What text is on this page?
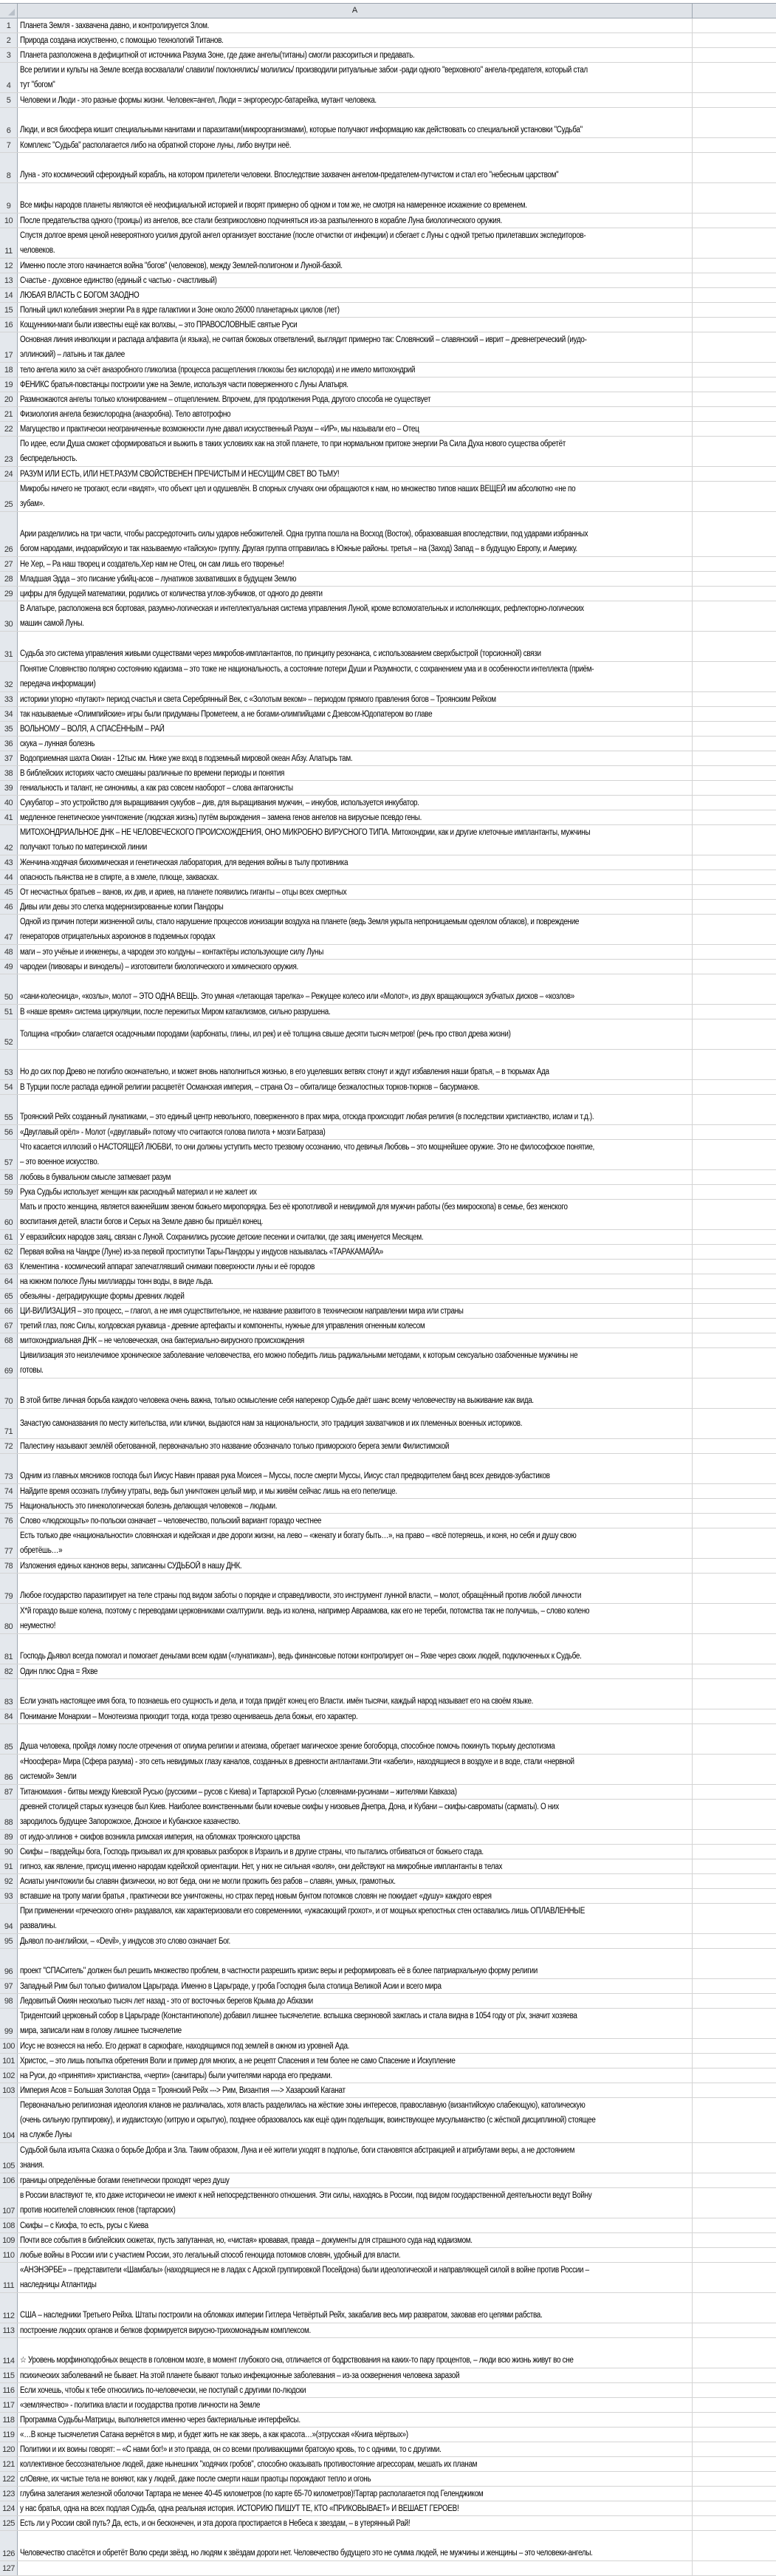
A
1	Планета Земля - захвачена давно, и контролируется Злом.
2	Природа создана искуственно, с помощью технологий Титанов.
3	Планета разположена в дефицитной от источника Разума Зоне, где даже ангелы(титаны) смогли разсориться и предавать.
4
Все религии и культы на Земле всегда восхвалали/ славили/ поклонялись/ молились/ производили ритуальные забои -ради одного "верховного" ангела-предателя, который стал тут "богом"
5	Человеки и Люди - это разные формы жизни. Человек=ангел, Люди = энргоресурс-батарейка, мутант человека.
6	Люди, и вся биосфера кишит специальными нанитами и паразитами(микроорганизмами), которые получают информацию как действовать со специальной установки "Судьба"
7	Комплекс "Судьба" располагается либо на обратной стороне луны, либо внутри неё.
8	Луна - это космический сфероидный корабль, на котором прилетели человеки. Впоследствие захвачен ангелом-предателем-путчистом и стал его "небесным царством"
9	Все мифы народов планеты являются её неофициальной историей и гворят примерно об одном и том же, не смотря на намеренное искажение со временем.
10 После предательства одного (троицы) из ангелов, все стали безприкословно подчиняться из-за разпыленного в корабле Луна биологического оружия.
11
Спустя долгое время ценой невероятного усилия другой ангел организует восстание (после отчистки от инфекции) и сбегает с Луны с одной третью прилетавших экспедиторов-человеков.
12 Именно после этого начинается война "богов" (человеков), между Землей-полигоном и Луной-базой.
13 Счастье - духовное единство (единый с частью - счастливый)
14 ЛЮБАЯ ВЛАСТЬ С БОГОМ ЗАОДНО
15 Полный цикл колебания энергии Ра в ядре галактики и Зоне около 26000 планетарных циклов (лет)
16 Кощунники-маги были известны ещё как волхвы, – это ПРАВОСЛОВНЫЕ святые Руси
17
Основная линия инволюции и распада алфавита (и языка), не считая боковых ответвлений, выглядит примерно так: Словянский – славянский – иврит – древнегреческий (иудо-эллинский) – латынь и так далее
18 тело ангела жило за счёт анаэробного гликолиза (процесса расщепления глюкозы без кислорода) и не имело митохондрий
19 ФЕНИКС братья-повстанцы построили уже на Земле, используя части поверженного с Луны Алатыря.
20 Размножаются ангелы только клонированием – отщеплением. Впрочем, для продолжения Рода, другого способа не существует
21 Физиология ангела безкислородна (анаэробна). Тело автотрофно
22 Магущество и практически неограниченные возможности луне давал искусственный Разум – «ИР», мы называли его – Отец
23
По идее, если Душа сможет сформироваться и выжить в таких условиях как на этой планете, то при нормальном притоке энергии Ра Сила Духа нового существа обретёт беспредельность.
24 РАЗУМ ИЛИ ЕСТЬ, ИЛИ НЕТ.РАЗУМ СВОЙСТВЕНЕН ПРЕЧИСТЫМ И НЕСУЩИМ СВЕТ ВО ТЬМУ!
25
Микробы ничего не трогают, если «видят», что объект цел и одушевлён. В спорных случаях они обращаются к нам, но множество типов наших ВЕЩЕЙ им абсолютно «не по зубам».
26
Арии разделились на три части, чтобы рассредоточить силы ударов небожителей. Одна группа пошла на Восход (Восток), образовавшая впоследствии, под ударами избранных богом народами, индоарийскую и так называемую «тайскую» группу. Другая группа отправилась в Южные районы. третья – на (Заход) Запад – в будущую Европу, и Америку.
27 Не Хер, – Ра наш творец и создатель,Хер нам не Отец, он сам лишь его творенье!
28 Младшая Эдда – это писание убийц-асов – лунатиков захвативших в будущем Землю
29 цифры для будущей математики, родились от количества углов-зубчиков, от одного до девяти
30
В Алатыре, расположена вся бортовая, разумно-логическая и интеллектуальная система управления Луной, кроме вспомогательных и исполняющих, рефлекторно-логических машин самой Луны.
31 Судьба это система управления живыми существами через микробов-имплантантов, по принципу резонанса, с использованием сверхбыстрой (торсионной) связи
32
Понятие Словянство полярно состоянию юдаизма – это тоже не национальность, а состояние потери Души и Разумности, с сохранением ума и в особенности интеллекта (приём-передача информации)
33 историки упорно «путают» период счастья и света Серебрянный Век, с «Золотым веком» – периодом прямого правления богов – Троянским Рейхом
34 так называемые «Олимпийские» игры были придуманы Прометеем, а не богами-олимпийцами с Дзевсом-Юдопатером во главе
35 ВОЛЬНОМУ – ВОЛЯ, А СПАСЁННЫМ – РАЙ
36 скука – лунная болезнь
37 Водоприемная шахта Окиан - 12тыс км. Ниже уже вход в подземный мировой океан Абзу. Алатырь там.
38 В библейских историях часто смешаны различные по времени периоды и понятия
39 гениальность и талант, не синонимы, а как раз совсем наоборот – слова антагонисты
40 Сукубатор – это устройство для выращивания сукубов – див, для выращивания мужчин, – инкубов, используется инкубатор.
41 медленное генетическое уничтожение (людская жизнь) путём вырождения – замена генов ангелов на вирусные псевдо гены.
42
МИТОХОНДРИАЛЬНОЕ ДНК – НЕ ЧЕЛОВЕЧЕСКОГО ПРОИСХОЖДЕНИЯ, ОНО МИКРОБНО ВИРУСНОГО ТИПА. Митохондрии, как и другие клеточные имплантанты, мужчины получают только по материнской линии
43 Женчина-ходячая биохимическая и генетическая лаборатория, для ведения войны в тылу противника
44 опасность пьянства не в спирте, а в хмеле, плюще, закваcках.
45 От несчастных братьев – ванов, их див, и ариев, на планете появились гиганты – отцы всех смертных
46 Дивы или девы это слегка модернизированные копии Пандоры
47
Одной из причин потери жизненной силы, стало нарушение процессов ионизации воздуха на планете (ведь Земля укрыта непроницаемым одеялом облаков), и повреждение генераторов отрицательных аэроионов в подземных городах
48 маги – это учёные и инженеры, а чародеи это колдуны – контактёры использующие силу Луны
49 чародеи (пивовары и виноделы) – изготовители биологического и химического оружия.
50 «сани-колесница», «козлы», молот – ЭТО ОДНА ВЕЩЬ. Это умная «летающая тарелка» – Режущее колесо или «Молот», из двух вращающихся зубчатых дисков – «козлов»
51 В «наше время» система циркуляции, после пережитых Миром катаклизмов, сильно разрушена.
52
Толщина «пробки» слагается осадочными породами (карбонаты, глины, ил рек) и её толщина свыше десяти тысяч метров! (речь про ствол древа жизни)
53 Но до сих пор Древо не погибло окончательно, и может вновь наполниться жизнью, в его уцелевших ветвях стонут и ждут избавления наши братья, – в тюрьмах Ада
54 В Турции после распада единой религии расцветёт Османская империя, – страна Оз – обиталище безжалостных торков-тюрков – басурманов.
55 Троянский Рейх созданный лунатиками, – это единый центр невольного, поверженного в прах мира, отсюда происходит любая религия (в последствии христианство, ислам и т.д.).
56 «Двуглавый орёл» - Молот («двуглавый» потому что считаются голова пилота + мозги Батраза)
57
Что касается иллюзий о НАСТОЯЩЕЙ ЛЮБВИ, то они должны уступить место трезвому осознанию, что девичья Любовь – это мощнейшее оружие. Это не философское понятие, – это военное искусство.
58 любовь в буквальном смысле затмевает разум
59 Рука Судьбы использует женщин как расходный материал и не жалеет их
60
Мать и просто женщина, является важнейшим звеном божьего миропорядка. Без её кропотливой и невидимой для мужчин работы (без микроскопа) в семье, без женского воспитания детей, власти богов и Серых на Земле давно бы пришёл конец.
61 У евразийских народов заяц, связан с Луной. Сохранились русские детские песенки и считалки, где заяц именуется Месяцем.
62 Первая война на Чандре (Луне) из-за первой проститутки Тары-Пандоры у индусов называлась «ТАРАКАМАЙА»
63 Клементина - космический аппарат запечатлявший снимаки поверхности луны и её городов
64 на южном полюсе Луны миллиарды тонн воды, в виде льда.
65 обезьяны - деградирующие формы древних людей
66 ЦИ-ВИЛИЗАЦИЯ – это процесс, – глагол, а не имя существительное, не название развитого в техническом направлении мира или страны
67 третий глаз, пояс Силы, колдовская рукавица - древние артефакты и компоненты, нужные для управления огненным колесом
68 митохондриальная ДНК – не человеческая, она бактериально-вирусного происхождения
69
Цивилизация это неизлечимое хроническое заболевание человечества, его можно победить лишь радикальными методами, к которым сексуально озабоченные мужчины не готовы.
70 В этой битве личная борьба каждого человека очень важна, только осмысление себя наперекор Судьбе даёт шанс всему человечеству на выживание как вида.
71
Зачастую самоназвания по месту жительства, или клички, выдаются нам за национальности, это традиция захватчиков и их племенных военных историков.
72 Палестину называют землёй обетованной, первоначально это название обозначало только приморского берега земли Филистимской
73 Одним из главных мясников господа был Иисус Навин правая рука Моисея – Муссы, после смерти Муссы, Иисус стал предводителем банд всех девидов-зубастиков
74 Найдите время осознать глубину утраты, ведь был уничтожен целый мир, и мы живём сейчас лишь на его пепелище.
75 Национальность это гинекологическая болезнь делающая человеков – людьми.
76 Слово «людскощьть» по-польски означает – человечество, польский вариант гораздо честнее
77
Есть только две «национальности» словянская и юдейская и две дороги жизни, на лево – «женату и богату быть…», на право – «всё потеряешь, и коня, но себя и душу свою обретёшь…»
78 Изложения единых канонов веры, записанны СУДЬБОЙ в нашу ДНК.
79 Любое государство паразитирует на теле страны под видом заботы о порядке и справедливости, это инструмент лунной власти, – молот, обращённый против любой личности
80
Х*й гораздо выше колена, поэтому с переводами церковниками схалтурили. ведь из колена, например Авраамова, как его не тереби, потомства так не получишь, – слово колено неуместно!
81 Господь Дьявол всегда помогал и помогает деньгами всем юдам («лунатикам»), ведь финансовые потоки контролирует он – Яхве через своих людей, подключенных к Судьбе.
82 Один плюс Одна = Яхве
83 Если узнать настоящее имя бога, то познаешь его сущность и дела, и тогда придёт конец его Власти. имён тысячи, каждый народ называет его на своём языке.
84 Понимание Монархии – Монотеизма приходит тогда, когда трезво оцениваешь дела божьи, его характер.
85 Душа человека, пройдя ломку после отречения от опиума религии и атеизма, обретает магическое зрение богоборца, способное помочь покинуть тюрьму деспотизма
86
«Ноосфера» Мира (Сфера разума) - это сеть невидимых глазу каналов, созданных в древности антлантами.Эти «кабели», находящиеся в воздухе и в воде, стали «нервной системой» Земли
87 Титаномахия - битвы между Киевской Русью (русскими – русов с Киева) и Тартарской Русью (словянами-русинами – жителями Кавказа)
88
древней столицей старых кузнецов был Киев. Наиболее воинственными были кочевые скифы у низовьев Днепра, Дона, и Кубани – скифы-савроматы (сарматы). О них зародилось будущее Запорожское, Донское и Кубанское казачество.
89 от иудо-эллинов + скифов возникла римская империя, на обломках троянского царства
90 Скифы – гвардейцы бога, Господь призывал их для кровавых разборок в Израиль и в другие страны, что пытались отбиваться от божьего стада.
91 гипноз, как явление, присущ именно народам юдейской ориентации. Нет, у них не сильная «воля», они действуют на микробные имплантанты в телах
92 Асиаты уничтожили бы славян физически, но вот беда, они не могли прожить без рабов – славян, умных, грамотных.
93 вставшие на тропу магии братья , практически все уничтожены, но страх перед новым бунтом потомков словян не покидает «душу» каждого еврея
94
При применении «греческого огня» раздавался, как характеризовали его современники, «ужасающий грохот», и от мощных крепостных стен оставались лишь ОПЛАВЛЕННЫЕ развалины.
95 Дьявол по-английски, – «Devil», у индусов это слово означает Бог.
96 проект "СПАСитель" должен был решить множество проблем, в частности разрешить кризис веры и реформировать её в более патриархальную форму религии
97 Западный Рим был только филиалом Царьграда. Именно в Царьграде, у гроба Господня была столица Великой Асии и всего мира
98 Ледовитый Окиян несколько тысяч лет назад - это от восточных берегов Крыма до Абхазии
99
Тридентский церковный собор в Царьграде (Константинополе) добавил лишнее тысячелетие. вспышка сверхновой зажглась и стала видна в 1054 году от р\х, значит хозяева мира, записали нам в голову лишнее тысячелетие
100 Исус не вознесся на небо. Его держат в саркофаге, находящимся под землей в ожном из уровней Ада.
101 Христос, – это лишь попытка обретения Воли и пример для многих, а не рецепт Спасения и тем более не само Спасение и Искупление
102 на Руси, до «принятия» христианства, «черти» (санитары) были учителями народа его предками.
103 Империя Асов = Большая Золотая Орда = Троянский Рейх ---> Рим, Византия ----> Хазарский Каганат
104
Первоначально религиозная идеология кланов не различалась, хотя власть разделилась на жёсткие зоны интересов, православную (византийскую слабеющую), католическую (очень сильную группировку), и иудаистскую (хитрую и скрытую), позднее образовалось как ещё один подельщик, воинствующее мусульманство (с жёсткой дисциплиной) стоящее на службе Луны
105
Судьбой была изъята Сказка о борьбе Добра и Зла. Таким образом, Луна и её жители уходят в подполье, боги становятся абстракцией и атрибутами веры, а не достоянием знания.
106 границы определённые богами генетически проходят через душу
107
в России властвуют те, кто даже исторически не имеют к ней непосредственного отношения. Эти силы, находясь в России, под видом государственной деятельности ведут Войну против носителей словянских генов (тартарских)
108 Скифы – с Киофа, то есть, русы с Киева
109 Почти все события в библейских сюжетах, пусть запутанная, но, «чистая» кровавая, правда – документы для страшного суда над юдаизмом.
110 любые войны в России или с участием России, это легальный способ геноцида потомков словян, удобный для власти.
111
«АНЭНЭРБЕ» – представители «Шамбалы» (находящиеся не в ладах с Адской группировкой Посейдона) были идеологической и направляющей силой в войне против России – наследницы Атлантиды
112 США – наследники Третьего Рейха. Штаты построили на обломках империи Гитлера Четвёртый Рейх, закабалив весь мир развратом, заковав его цепями рабства.
113 построение людских органов и белков формируется вирусно-трихомонадным комплексом.
114 ☆ Уровень морфиноподобных веществ в головном мозге, в момент глубокого сна, отличается от бодрствования на каких-то пару процентов, – люди всю жизнь живут во сне
115 психических заболеваний не бывает. На этой планете бывают только инфекционные заболевания – из-за осквернения человека заразой
116 Если хочешь, чтобы к тебе относились по-человечески, не поступай с другими по-людски
117 «землячество» - политика власти и государства против личности на Земле
118 Программа Судьбы-Матрицы, выполняется именно через бактериальные интерфейсы.
119 «…В конце тысячелетия Сатана вернётся в мир, и будет жить не как зверь, а как красота…»(этрусская «Книга мёртвых»)
120 Политики и их воины говорят: – «С нами бог!» и это правда, он со всеми проливающими братскую кровь, то с одними, то с другими.
121 коллективное бессознательное людей, даже нынешних "ходячих гробов", способно оказывать противостояние агрессорам, мешать их планам
122 слОвяне, их чистые тела не воняют, как у людей, даже после смерти наши праотцы порождают тепло и огонь
123 глубина залегания железной оболочки Тартара не менее 40-45 километров (по карте 65-70 километров)!Тартар располагается под Геленджиком
124 у нас братья, одна на всех подлая Судьба, одна реальная история. ИСТОРИЮ ПИШУТ ТЕ, КТО «ПРИКОВЫВАЕТ» И ВЕШАЕТ ГЕРОЕВ!
125 Есть ли у России свой путь? Да, есть, и он бесконечен, и эта дорога простирается в Небеса к звездам, – в утерянный Рай!
126 Человечество спасётся и обретёт Волю среди звёзд, но людям к звёздам дороги нет. Человечество будущего это не сумма людей, не мужчины и женщины – это человеки-ангелы.
127
